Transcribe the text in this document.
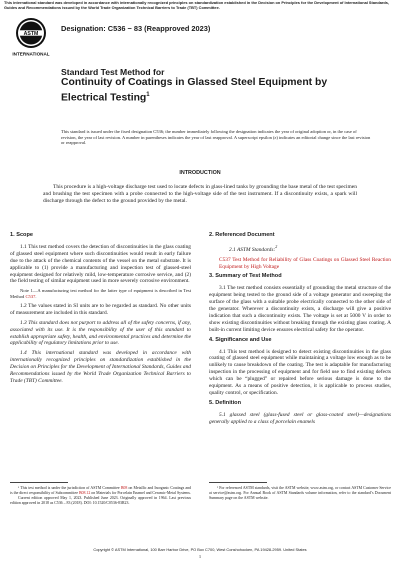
This international standard was developed in accordance with internationally recognized principles on standardization established in the Decision on Principles for the Development of International Standards, Guides and Recommendations issued by the World Trade Organization Technical Barriers to Trade (TBT) Committee.
ASTM
INTERNATIONAL
Designation: C536 − 83 (Reapproved 2023)
Standard Test Method for
Continuity of Coatings in Glassed Steel Equipment by
Electrical Testing$^1$
This standard is issued under the fixed designation C536; the number immediately following the designation indicates the year of original adoption or, in the case of revision, the year of last revision. A number in parentheses indicates the year of last reapproval. A superscript epsilon (ε) indicates an editorial change since the last revision or reapproval.
INTRODUCTION
This procedure is a high-voltage discharge test used to locate defects in glass-lined tanks by grounding the base metal of the test specimen and brushing the test specimen with a probe connected to the high-voltage side of the test instrument. If a discontinuity exists, a spark will discharge through the defect to the ground provided by the metal.
1. Scope

1.1 This test method covers the detection of discontinuities in the glass coating of glassed steel equipment where such discontinuities would result in early failure due to the attack of the chemical contents of the vessel on the metal substrate. It is applicable to (1) provide a manufacturing and inspection test of glassed-steel equipment designed for relatively mild, low-temperature corrosive service, and (2) the field testing of similar equipment used in more severely corrosive environment.

Note 1—A manufacturing test method for the latter type of equipment is described in Test Method C537.

1.2 The values stated in SI units are to be regarded as standard. No other units of measurement are included in this standard.

1.3 This standard does not purport to address all of the safety concerns, if any, associated with its use. It is the responsibility of the user of this standard to establish appropriate safety, health, and environmental practices and determine the applicability of regulatory limitations prior to use.

1.4 This international standard was developed in accordance with internationally recognized principles on standardization established in the Decision on Principles for the Development of International Standards, Guides and Recommendations issued by the World Trade Organization Technical Barriers to Trade (TBT) Committee.

2. Referenced Document

2.1 ASTM Standards:$^2$

C537 Test Method for Reliability of Glass Coatings on Glassed Steel Reaction Equipment by High Voltage

3. Summary of Test Method

3.1 The test method consists essentially of grounding the metal structure of the equipment being tested to the ground side of a voltage generator and sweeping the surface of the glass with a suitable probe electrically connected to the other side of the generator. Wherever a discontinuity exists, a discharge will give a positive indication that such a discontinuity exists. The voltage is set at 5000 V in order to show existing discontinuities without breaking through the existing glass coating. A built-in current limiting device ensures electrical safety for the operator.

4. Significance and Use

4.1 This test method is designed to detect existing discontinuities in the glass coating of glassed steel equipment while maintaining a voltage low enough as to be unlikely to cause breakdown of the coating. The test is adaptable for manufacturing inspection in the processing of equipment and for field use to find existing defects which can be “plugged” or repaired before serious damage is done to the equipment. As a means of positive detection, it is applicable to process studies, quality control, or specification.

5. Definition

5.1 glassed steel (glass-fused steel or glass-coated steel)—designations generally applied to a class of porcelain enamels

¹ This test method is under the jurisdiction of ASTM Committee B08 on Metallic and Inorganic Coatings and is the direct responsibility of Subcommittee B08.12 on Materials for Porcelain Enamel and Ceramic-Metal Systems.

Current edition approved May 1, 2023. Published June 2023. Originally approved in 1964. Last previous edition approved in 2018 as C536 – 83 (2018). DOI: 10.1520/C0536-83R23.

² For referenced ASTM standards, visit the ASTM website, www.astm.org, or contact ASTM Customer Service at service@astm.org. For Annual Book of ASTM Standards volume information, refer to the standard’s Document Summary page on the ASTM website.

Copyright © ASTM International, 100 Barr Harbor Drive, PO Box C700, West Conshohocken, PA 19428-2959. United States
1
